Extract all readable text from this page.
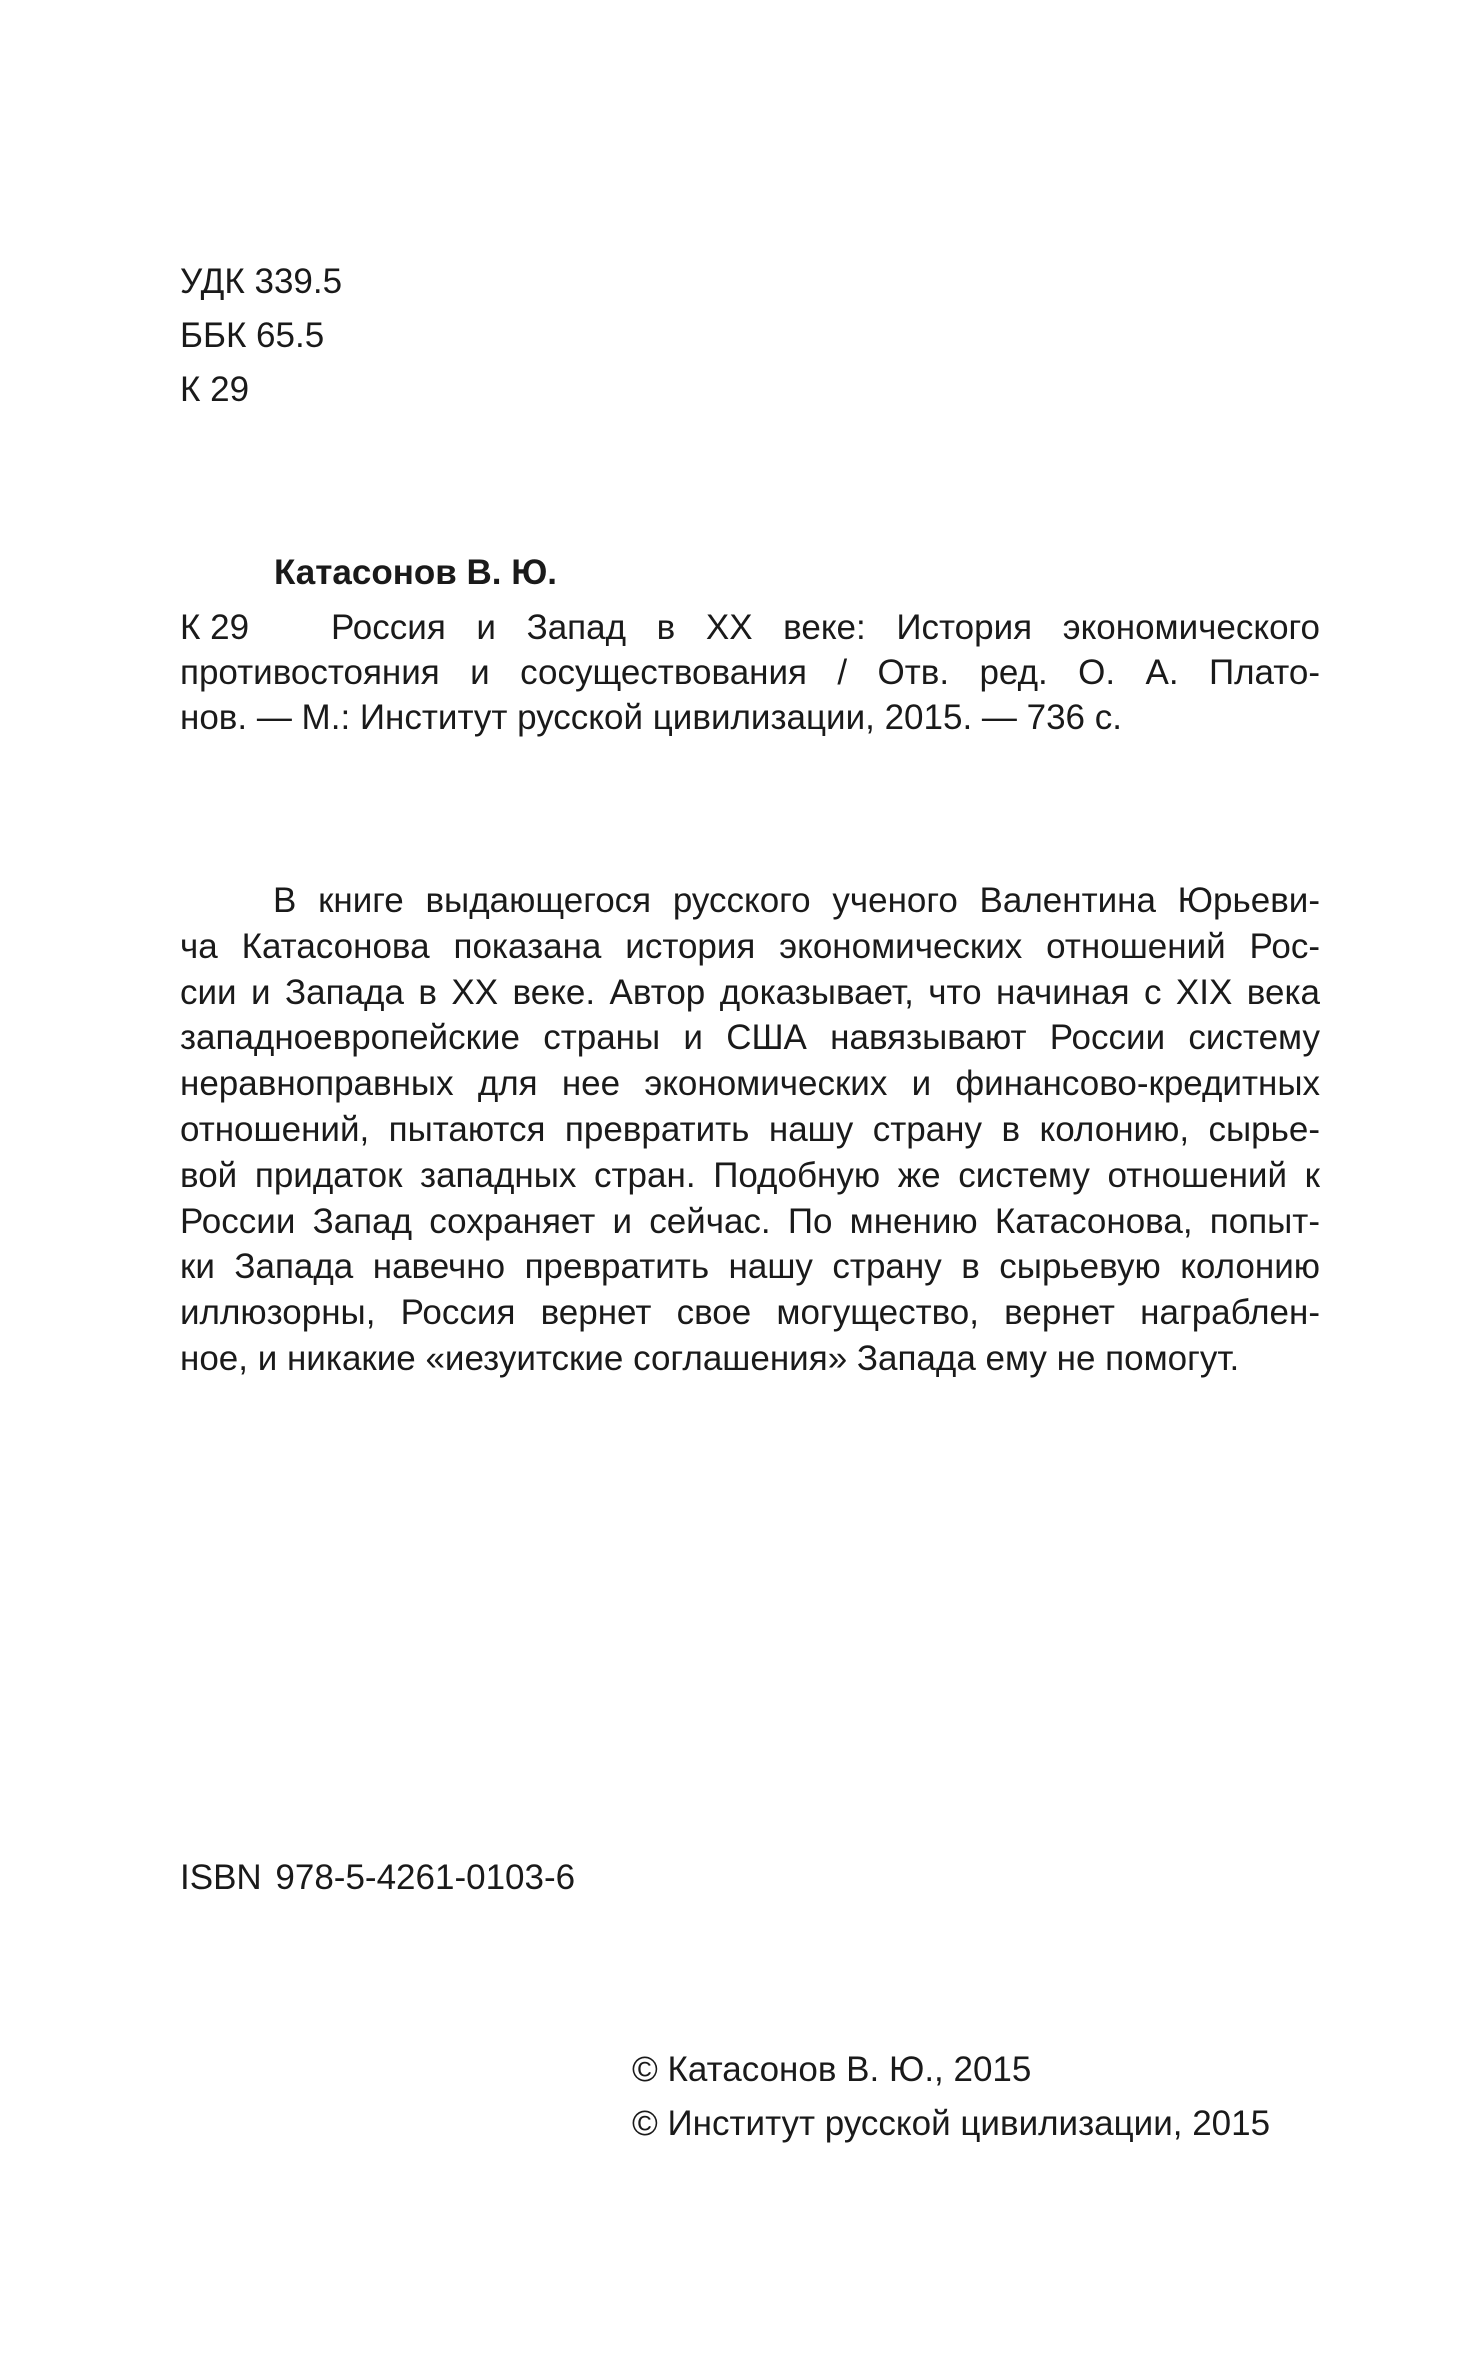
УДК 339.5
ББК 65.5
К 29
Катасонов В. Ю.
К 29	Россия и Запад в XX веке: История экономического
противостояния и сосуществования / Отв. ред. О. А. Плато-
нов. — М.: Институт русской цивилизации, 2015. — 736 с.
В книге выдающегося русского ученого Валентина Юрьеви-
ча Катасонова показана история экономических отношений Рос-
сии и Запада в XX веке. Автор доказывает, что начиная с XIX века
западноевропейские страны и США навязывают России систему
неравноправных для нее экономических и финансово-кредитных
отношений, пытаются превратить нашу страну в колонию, сырье-
вой придаток западных стран. Подобную же систему отношений к
России Запад сохраняет и сейчас. По мнению Катасонова, попыт-
ки Запада навечно превратить нашу страну в сырьевую колонию
иллюзорны, Россия вернет свое могущество, вернет награблен-
ное, и никакие «иезуитские соглашения» Запада ему не помогут.
ISBN 978-5-4261-0103-6
© Катасонов В. Ю., 2015
© Институт русской цивилизации, 2015
